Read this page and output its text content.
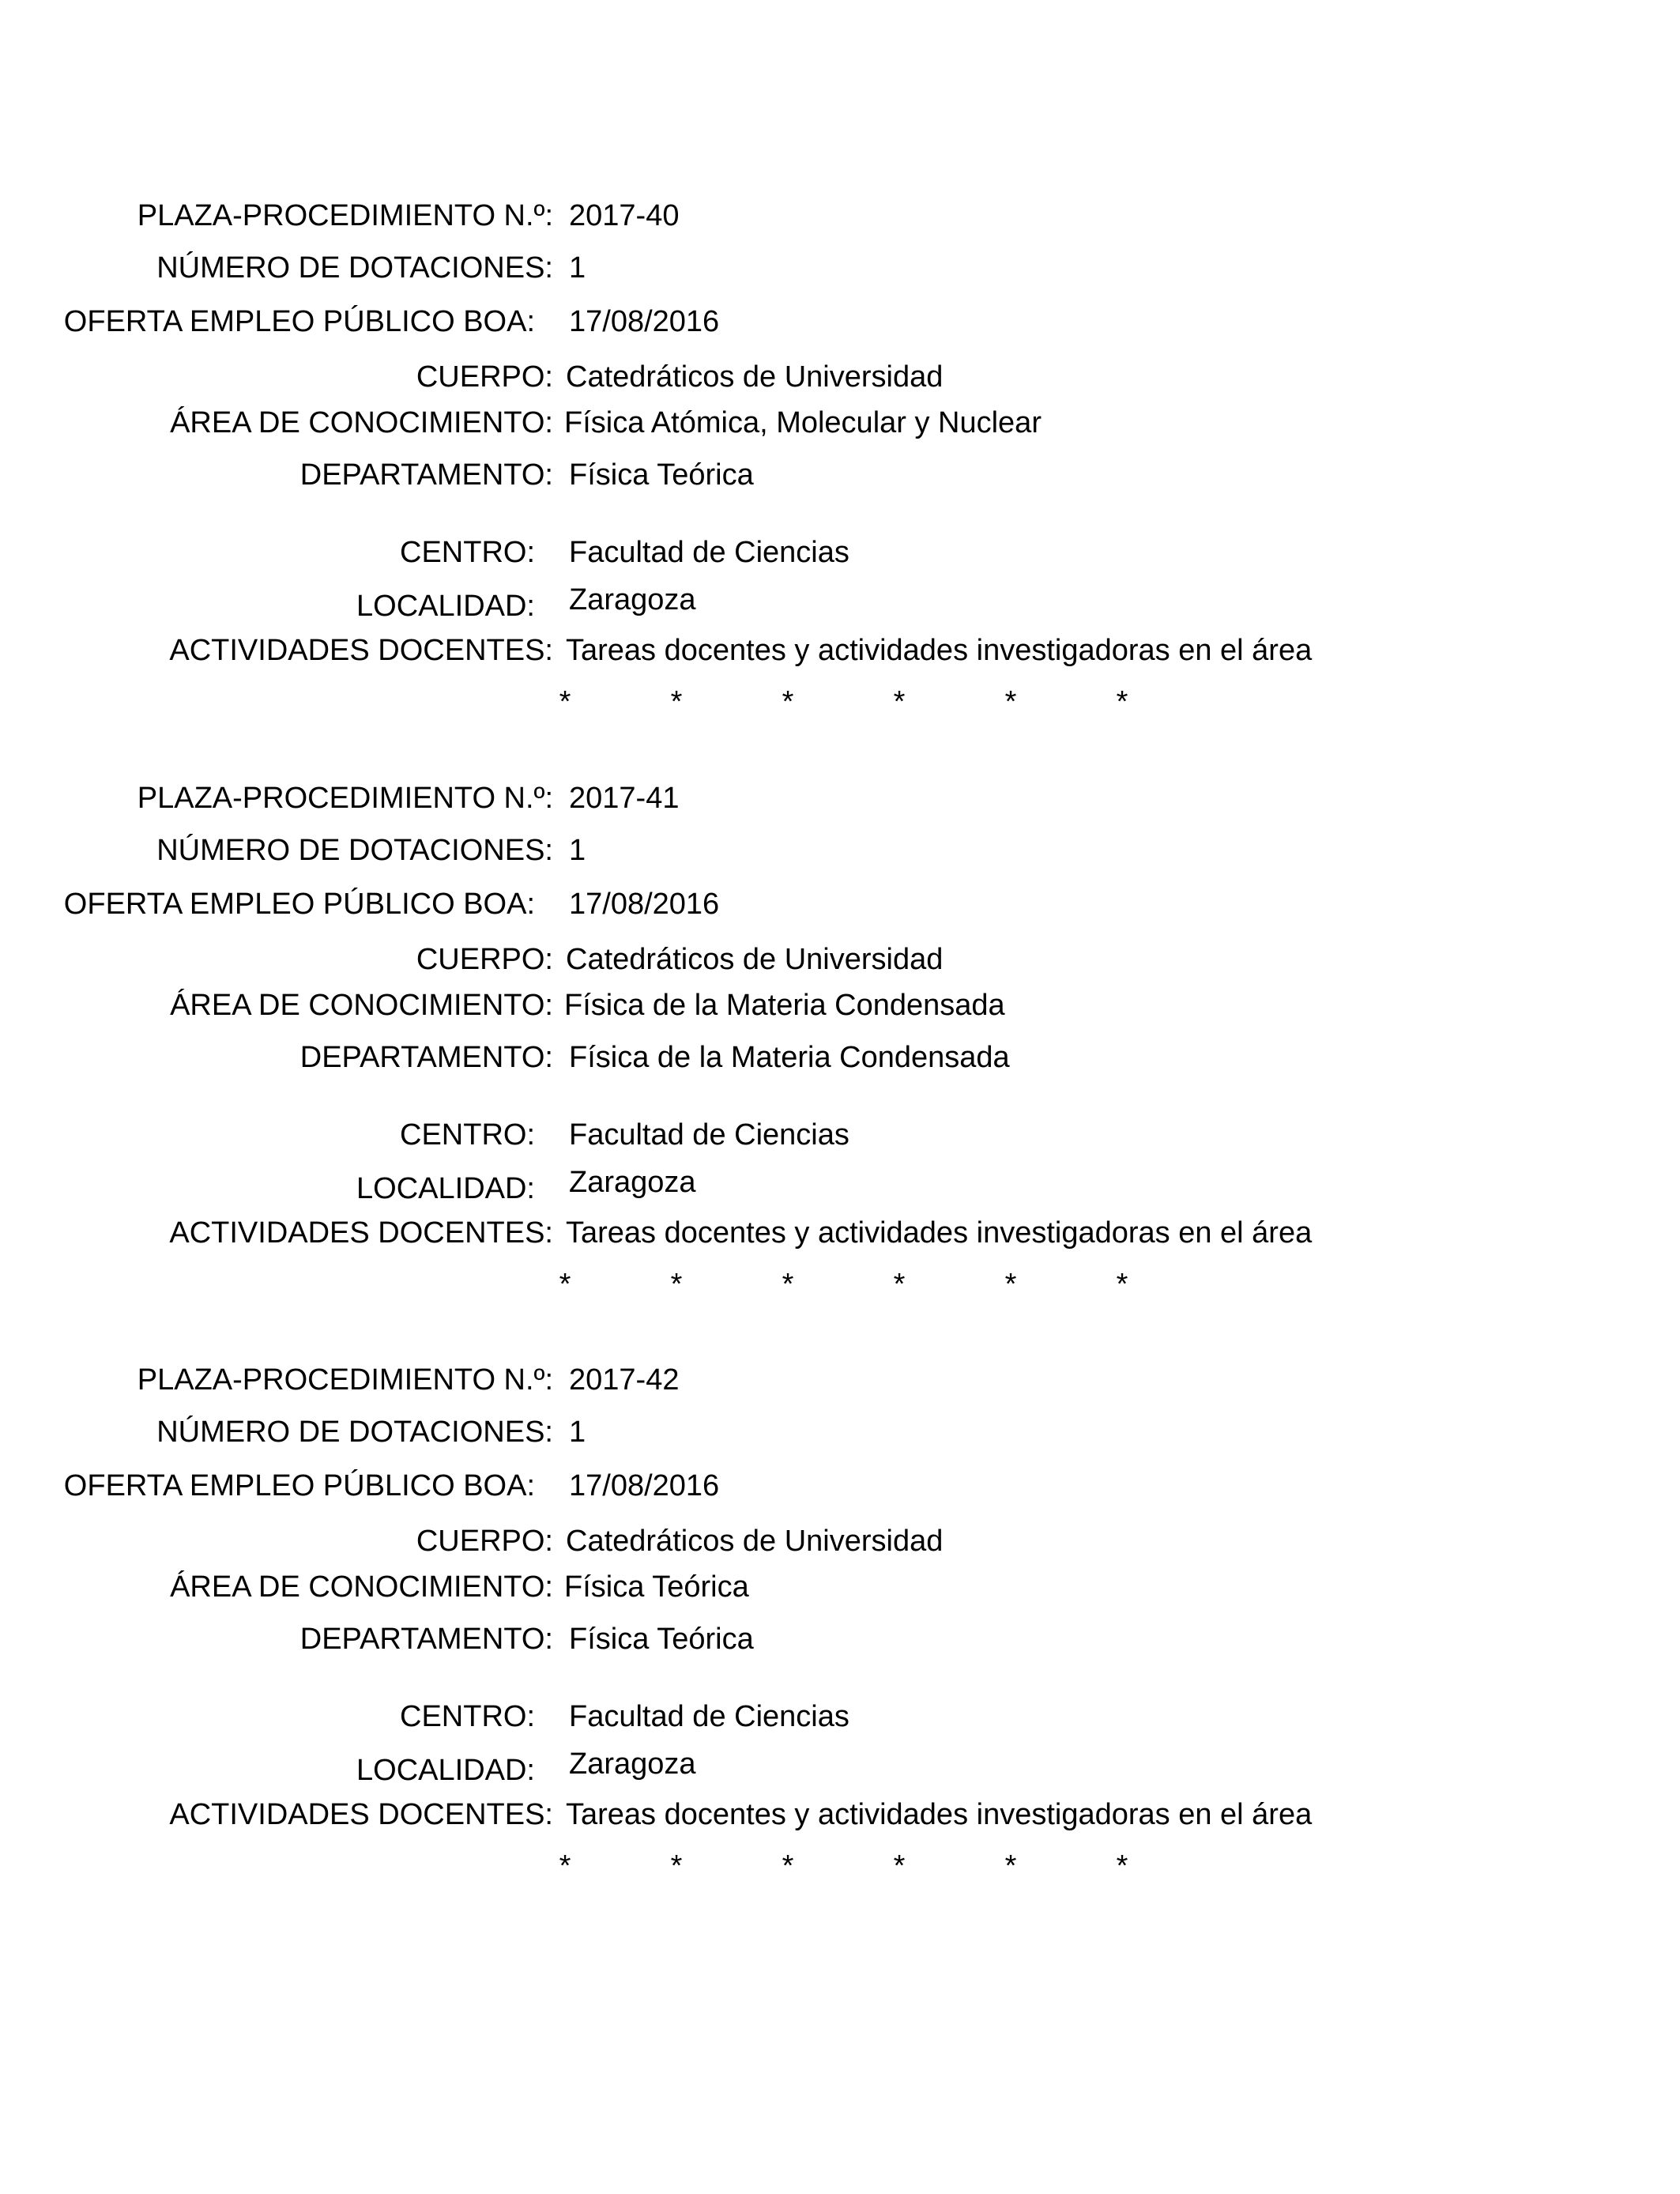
PLAZA-PROCEDIMIENTO N.º: 2017-40
NÚMERO DE DOTACIONES: 1
OFERTA EMPLEO PÚBLICO BOA: 17/08/2016
CUERPO: Catedráticos de Universidad
ÁREA DE CONOCIMIENTO: Física Atómica, Molecular y Nuclear
DEPARTAMENTO: Física Teórica
CENTRO: Facultad de Ciencias
LOCALIDAD: Zaragoza
ACTIVIDADES DOCENTES: Tareas docentes y actividades investigadoras en el área
*	*	*	*	*	*
PLAZA-PROCEDIMIENTO N.º: 2017-41
NÚMERO DE DOTACIONES: 1
OFERTA EMPLEO PÚBLICO BOA: 17/08/2016
CUERPO: Catedráticos de Universidad
ÁREA DE CONOCIMIENTO: Física de la Materia Condensada
DEPARTAMENTO: Física de la Materia Condensada
CENTRO: Facultad de Ciencias
LOCALIDAD: Zaragoza
ACTIVIDADES DOCENTES: Tareas docentes y actividades investigadoras en el área
*	*	*	*	*	*
PLAZA-PROCEDIMIENTO N.º: 2017-42
NÚMERO DE DOTACIONES: 1
OFERTA EMPLEO PÚBLICO BOA: 17/08/2016
CUERPO: Catedráticos de Universidad
ÁREA DE CONOCIMIENTO: Física Teórica
DEPARTAMENTO: Física Teórica
CENTRO: Facultad de Ciencias
LOCALIDAD: Zaragoza
ACTIVIDADES DOCENTES: Tareas docentes y actividades investigadoras en el área
*	*	*	*	*	*
